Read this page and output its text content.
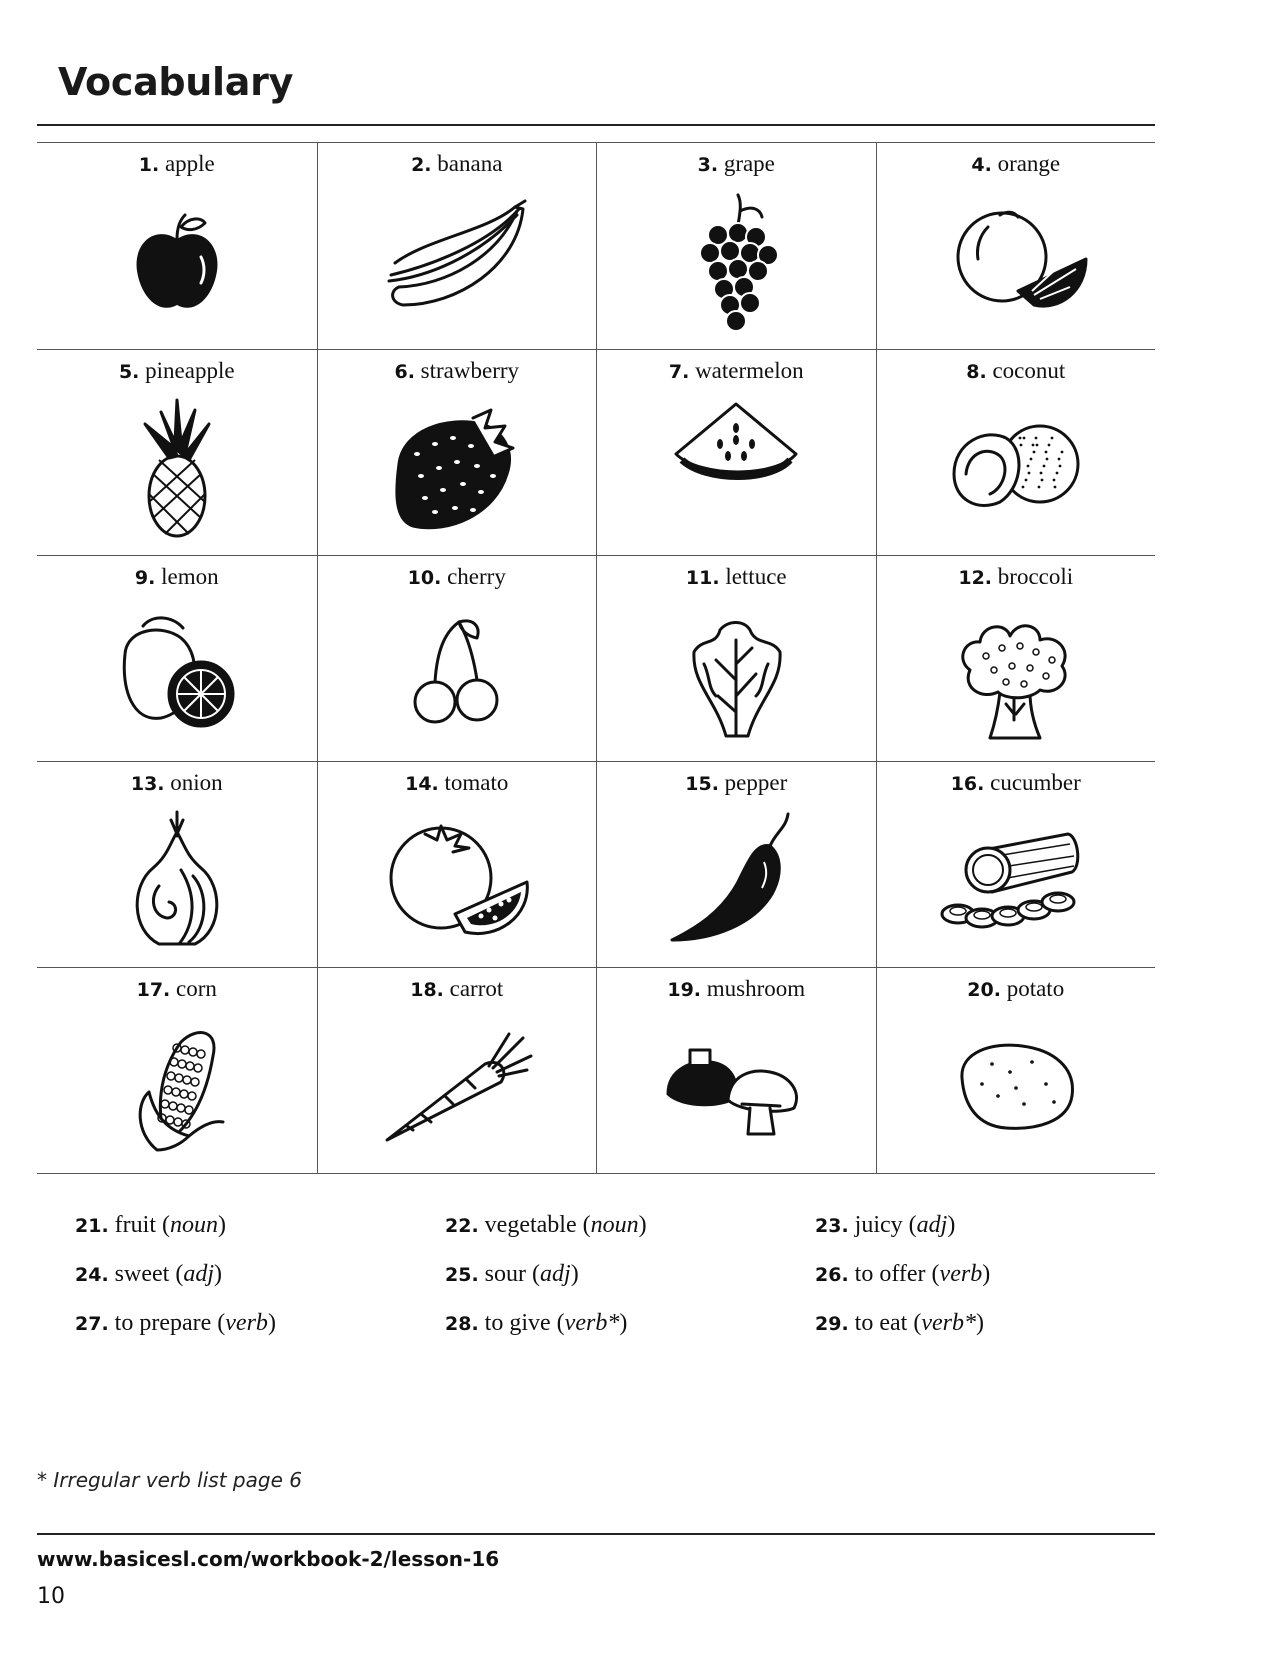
Vocabulary
1. apple	2. banana	3. grape	4. orange
5. pineapple	6. strawberry	7. watermelon	8. coconut
9. lemon	10. cherry	11. lettuce	12. broccoli
13. onion	14. tomato	15. pepper	16. cucumber
17. corn	18. carrot	19. mushroom	20. potato
21. fruit (noun)	22. vegetable (noun)	23. juicy (adj)
24. sweet (adj)	25. sour (adj)	26. to offer (verb)
27. to prepare (verb)	28. to give (verb*)	29. to eat (verb*)
* Irregular verb list page 6
www.basicesl.com/workbook-2/lesson-16
10
